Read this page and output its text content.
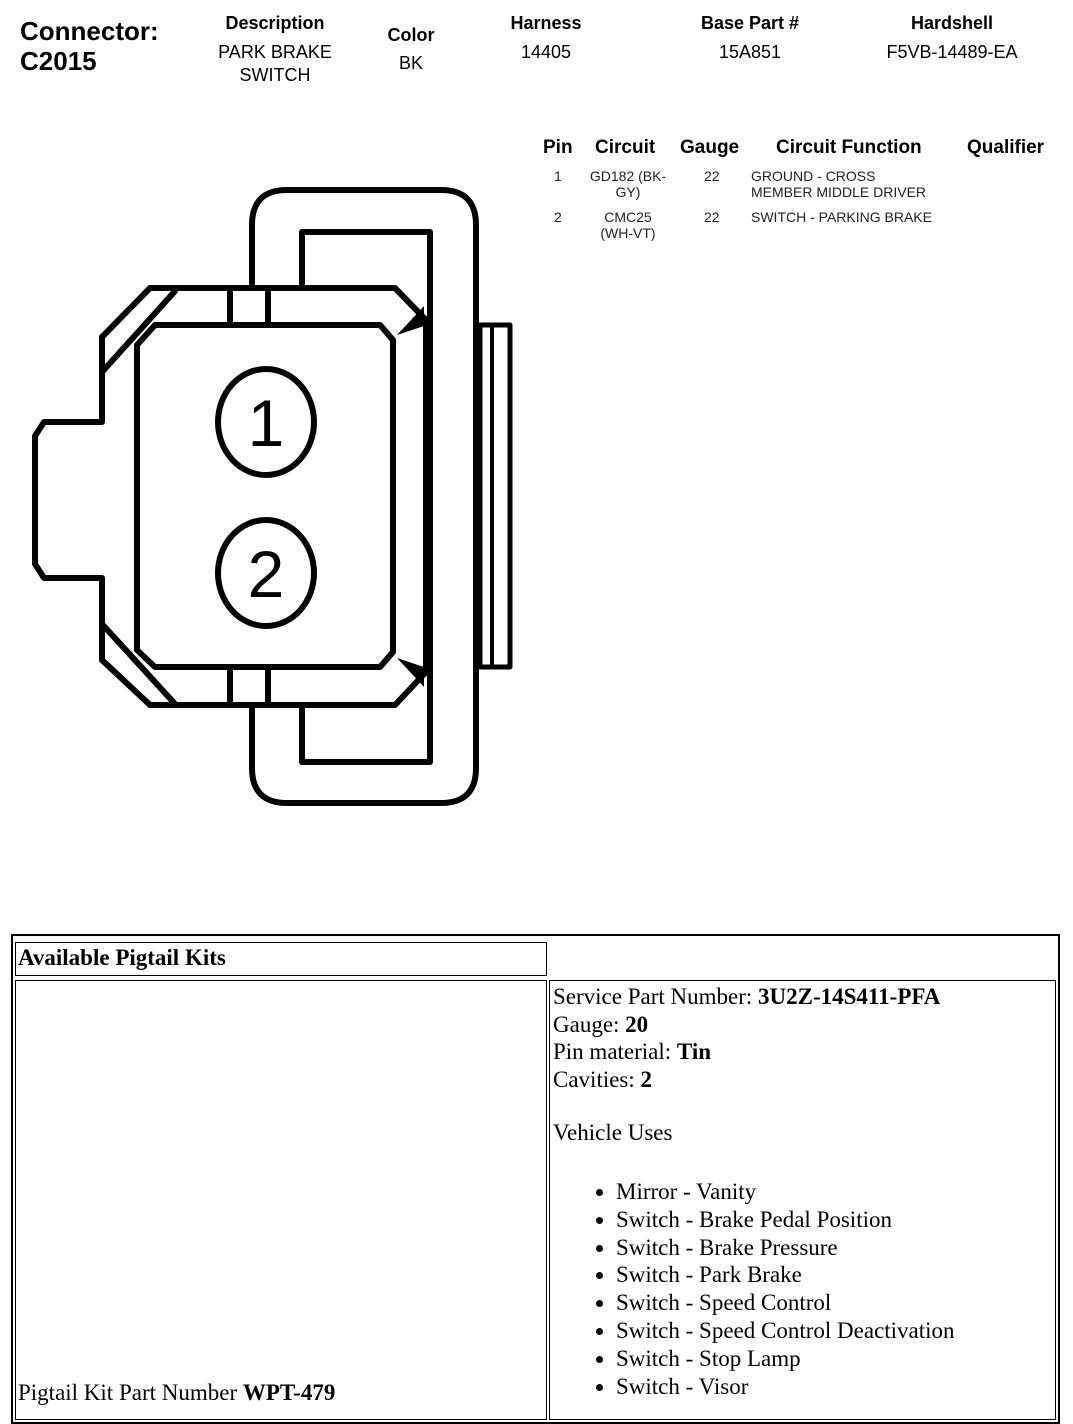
Connector:
C2015
Description
PARK BRAKE
SWITCH
Color
BK
Harness
14405
Base Part #
15A851
Hardshell
F5VB-14489-EA
Pin Circuit Gauge Circuit Function Qualifier
1	GD182 (BK-
GY)
22 GROUND - CROSS
MEMBER MIDDLE DRIVER
2	CMC25
(WH-VT)
22 SWITCH - PARKING BRAKE
1
2
Available Pigtail Kits
Pigtail Kit Part Number WPT-479
Service Part Number: 3U2Z-14S411-PFA
Gauge: 20
Pin material: Tin
Cavities: 2
Vehicle Uses
• Mirror - Vanity
• Switch - Brake Pedal Position
• Switch - Brake Pressure
• Switch - Park Brake
• Switch - Speed Control
• Switch - Speed Control Deactivation
• Switch - Stop Lamp
• Switch - Visor
